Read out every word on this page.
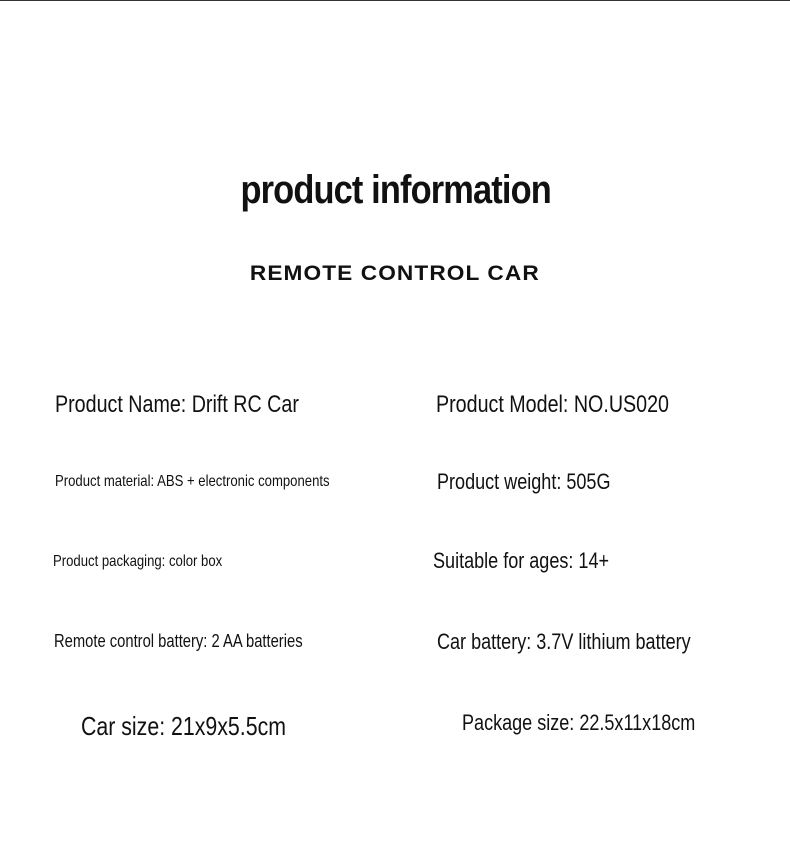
product information
REMOTE CONTROL CAR
Product Name: Drift RC Car	Product Model: NO.US020
Product material: ABS + electronic components	Product weight: 505G
Product packaging: color box	Suitable for ages: 14+
Remote control battery: 2 AA batteries	Car battery: 3.7V lithium battery
Car size: 21x9x5.5cm	Package size: 22.5x11x18cm
